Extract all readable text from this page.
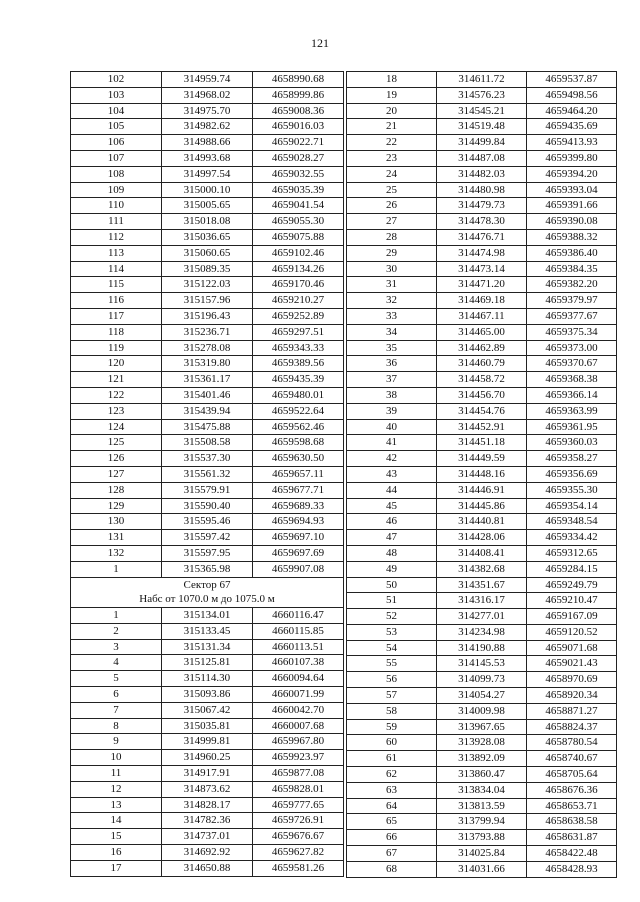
121
102	314959.74	4658990.68
103	314968.02	4658999.86
104	314975.70	4659008.36
105	314982.62	4659016.03
106	314988.66	4659022.71
107	314993.68	4659028.27
108	314997.54	4659032.55
109	315000.10	4659035.39
110	315005.65	4659041.54
111	315018.08	4659055.30
112	315036.65	4659075.88
113	315060.65	4659102.46
114	315089.35	4659134.26
115	315122.03	4659170.46
116	315157.96	4659210.27
117	315196.43	4659252.89
118	315236.71	4659297.51
119	315278.08	4659343.33
120	315319.80	4659389.56
121	315361.17	4659435.39
122	315401.46	4659480.01
123	315439.94	4659522.64
124	315475.88	4659562.46
125	315508.58	4659598.68
126	315537.30	4659630.50
127	315561.32	4659657.11
128	315579.91	4659677.71
129	315590.40	4659689.33
130	315595.46	4659694.93
131	315597.42	4659697.10
132	315597.95	4659697.69
1	315365.98	4659907.08
Сектор 67		
Набс от 1070.0 м до 1075.0 м		
1	315134.01	4660116.47
2	315133.45	4660115.85
3	315131.34	4660113.51
4	315125.81	4660107.38
5	315114.30	4660094.64
6	315093.86	4660071.99
7	315067.42	4660042.70
8	315035.81	4660007.68
9	314999.81	4659967.80
10	314960.25	4659923.97
11	314917.91	4659877.08
12	314873.62	4659828.01
13	314828.17	4659777.65
14	314782.36	4659726.91
15	314737.01	4659676.67
16	314692.92	4659627.82
17	314650.88	4659581.26
18	314611.72	4659537.87
19	314576.23	4659498.56
20	314545.21	4659464.20
21	314519.48	4659435.69
22	314499.84	4659413.93
23	314487.08	4659399.80
24	314482.03	4659394.20
25	314480.98	4659393.04
26	314479.73	4659391.66
27	314478.30	4659390.08
28	314476.71	4659388.32
29	314474.98	4659386.40
30	314473.14	4659384.35
31	314471.20	4659382.20
32	314469.18	4659379.97
33	314467.11	4659377.67
34	314465.00	4659375.34
35	314462.89	4659373.00
36	314460.79	4659370.67
37	314458.72	4659368.38
38	314456.70	4659366.14
39	314454.76	4659363.99
40	314452.91	4659361.95
41	314451.18	4659360.03
42	314449.59	4659358.27
43	314448.16	4659356.69
44	314446.91	4659355.30
45	314445.86	4659354.14
46	314440.81	4659348.54
47	314428.06	4659334.42
48	314408.41	4659312.65
49	314382.68	4659284.15
50	314351.67	4659249.79
51	314316.17	4659210.47
52	314277.01	4659167.09
53	314234.98	4659120.52
54	314190.88	4659071.68
55	314145.53	4659021.43
56	314099.73	4658970.69
57	314054.27	4658920.34
58	314009.98	4658871.27
59	313967.65	4658824.37
60	313928.08	4658780.54
61	313892.09	4658740.67
62	313860.47	4658705.64
63	313834.04	4658676.36
64	313813.59	4658653.71
65	313799.94	4658638.58
66	313793.88	4658631.87
67	314025.84	4658422.48
68	314031.66	4658428.93
